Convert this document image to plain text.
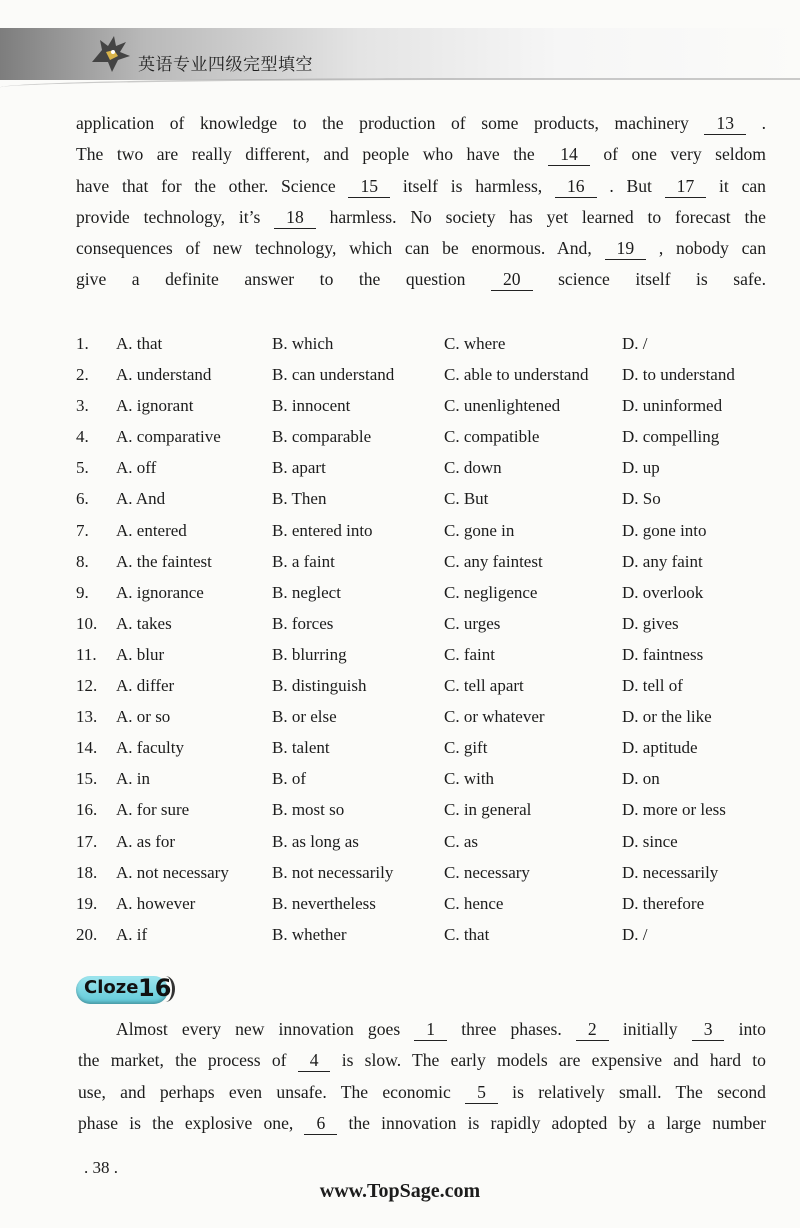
英语专业四级完型填空
application of knowledge to the production of some products, machinery 13 .
The two are really different, and people who have the 14 of one very seldom
have that for the other. Science 15 itself is harmless, 16 . But 17 it can
provide technology, it’s 18 harmless. No society has yet learned to forecast the
consequences of new technology, which can be enormous. And, 19 , nobody can
give a definite answer to the question 20 science itself is safe.
1. A. that	B. which	C. where	D. /
2. A. understand	B. can understand	C. able to understand D. to understand
3. A. ignorant	B. innocent	C. unenlightened	D. uninformed
4. A. comparative	B. comparable	C. compatible	D. compelling
5. A. off	B. apart	C. down	D. up
6. A. And	B. Then	C. But	D. So
7. A. entered	B. entered into	C. gone in	D. gone into
8. A. the faintest	B. a faint	C. any faintest	D. any faint
9. A. ignorance	B. neglect	C. negligence	D. overlook
10. A. takes	B. forces	C. urges	D. gives
11. A. blur	B. blurring	C. faint	D. faintness
12. A. differ	B. distinguish	C. tell apart	D. tell of
13. A. or so	B. or else	C. or whatever	D. or the like
14. A. faculty	B. talent	C. gift	D. aptitude
15. A. in	B. of	C. with	D. on
16. A. for sure	B. most so	C. in general	D. more or less
17. A. as for	B. as long as	C. as	D. since
18. A. not necessary	B. not necessarily	C. necessary	D. necessarily
19. A. however	B. nevertheless	C. hence	D. therefore
20. A. if	B. whether	C. that	D. /
Cloze 16
Almost every new innovation goes 1 three phases. 2 initially 3 into
the market, the process of 4 is slow. The early models are expensive and hard to
use, and perhaps even unsafe. The economic 5 is relatively small. The second
phase is the explosive one, 6 the innovation is rapidly adopted by a large number
. 38 .
www.TopSage.com
